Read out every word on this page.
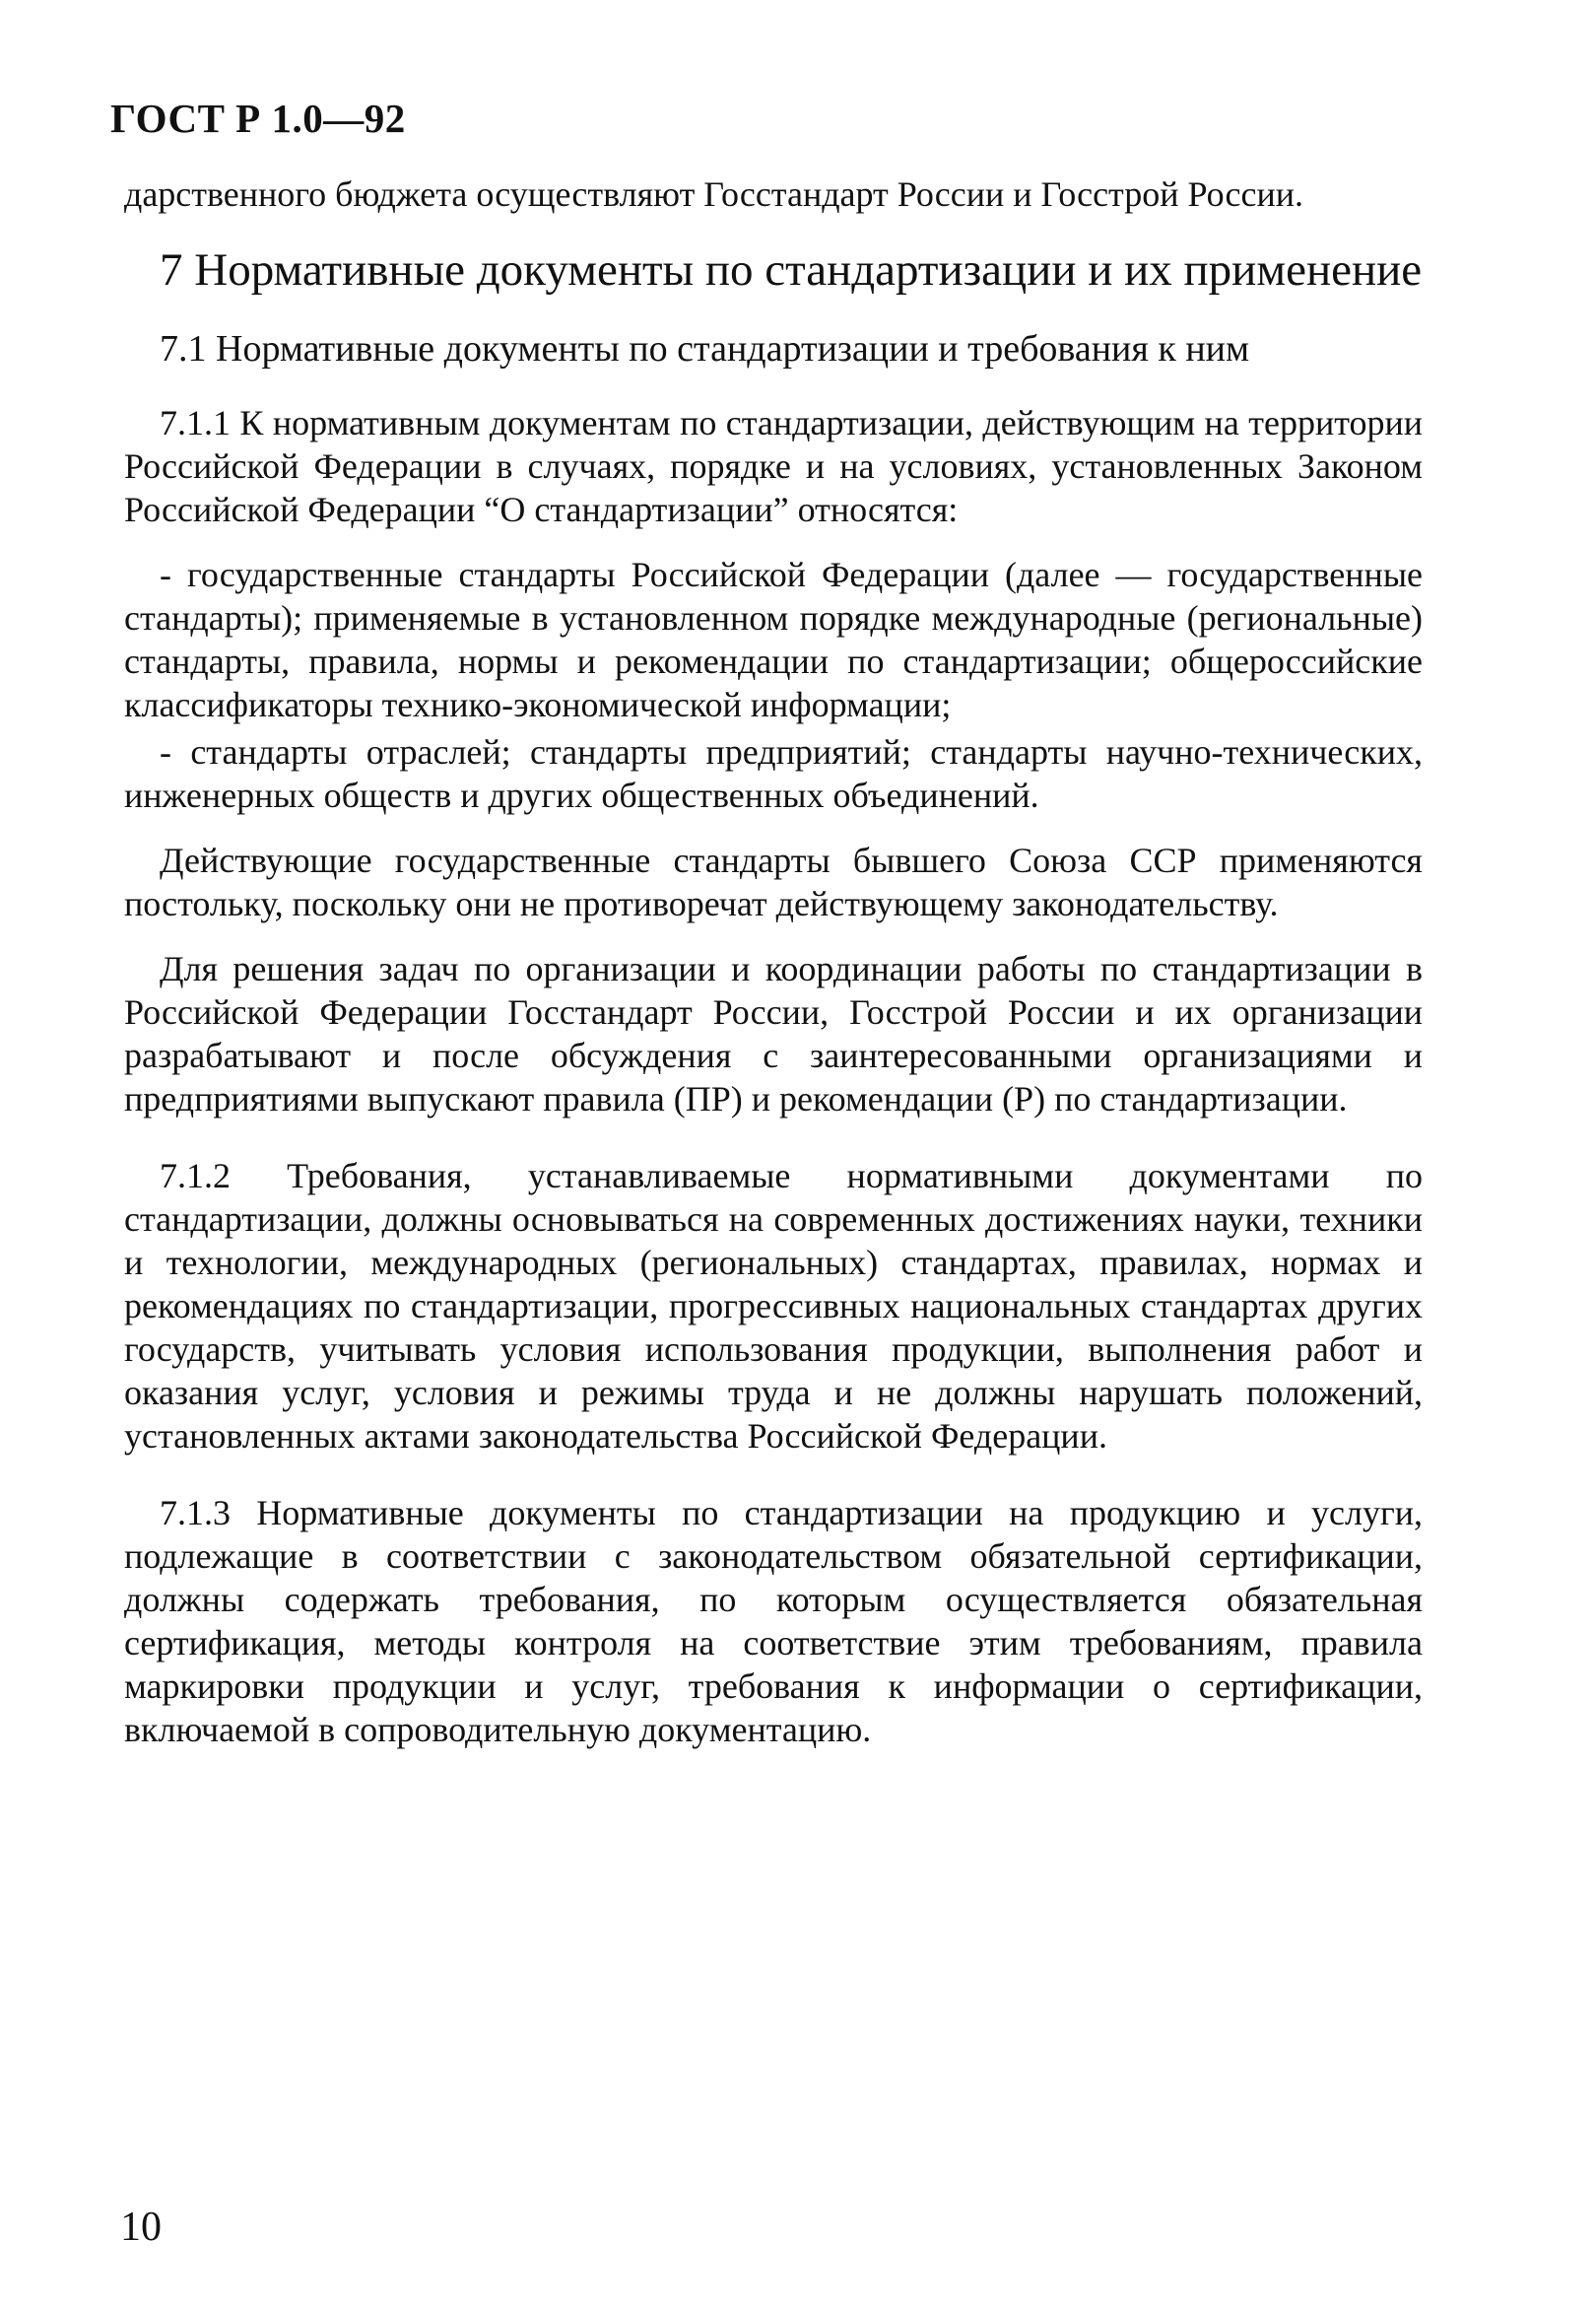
ГОСТ Р 1.0—92

дарственного бюджета осуществляют Госстандарт России и Госстрой России.

7 Нормативные документы по стандартизации и их применение

7.1 Нормативные документы по стандартизации и требования к ним

7.1.1 К нормативным документам по стандартизации, действующим на территории Российской Федерации в случаях, порядке и на условиях, установленных Законом Российской Федерации “О стандартизации” относятся:

- государственные стандарты Российской Федерации (далее — государственные стандарты); применяемые в установленном порядке международные (региональные) стандарты, правила, нормы и рекомендации по стандартизации; общероссийские классификаторы технико-экономической информации;

- стандарты отраслей; стандарты предприятий; стандарты научно-технических, инженерных обществ и других общественных объединений.

Действующие государственные стандарты бывшего Союза ССР применяются постольку, поскольку они не противоречат действующему законодательству.

Для решения задач по организации и координации работы по стандартизации в Российской Федерации Госстандарт России, Госстрой России и их организации разрабатывают и после обсуждения с заинтересованными организациями и предприятиями выпускают правила (ПР) и рекомендации (Р) по стандартизации.

7.1.2 Требования, устанавливаемые нормативными документами по стандартизации, должны основываться на современных достижениях науки, техники и технологии, международных (региональных) стандартах, правилах, нормах и рекомендациях по стандартизации, прогрессивных национальных стандартах других государств, учитывать условия использования продукции, выполнения работ и оказания услуг, условия и режимы труда и не должны нарушать положений, установленных актами законодательства Российской Федерации.

7.1.3 Нормативные документы по стандартизации на продукцию и услуги, подлежащие в соответствии с законодательством обязательной сертификации, должны содержать требования, по которым осуществляется обязательная сертификация, методы контроля на соответствие этим требованиям, правила маркировки продукции и услуг, требования к информации о сертификации, включаемой в сопроводительную документацию.

10
